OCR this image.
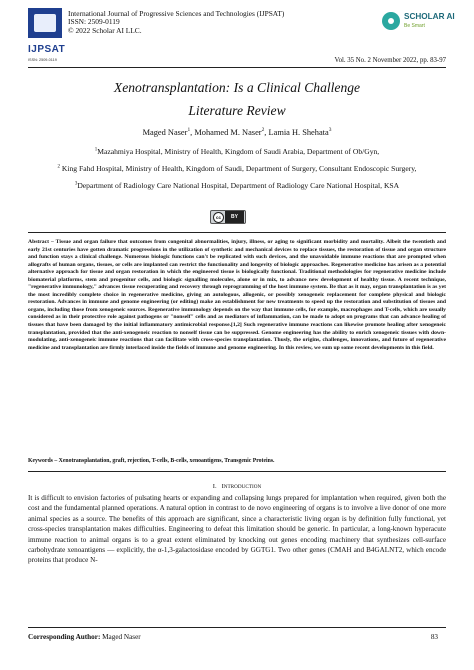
IJPSAT
ISSN: 2509-0119
International Journal of Progressive Sciences and Technologies (IJPSAT)
ISSN: 2509-0119
© 2022 Scholar AI LLC.
SCHOLAR AI
Be Smart
Vol. 35 No. 2 November 2022, pp. 83-97
Xenotransplantation: Is a Clinical Challenge
Literature Review
Maged Naser$^1$, Mohamed M. Naser$^2$, Lamia H. Shehata$^3$
$^1$Mazahmiya Hospital, Ministry of Health, Kingdom of Saudi Arabia, Department of Ob/Gyn,
$^2$ King Fahd Hospital, Ministry of Health, Kingdom of Saudi, Department of Surgery, Consultant Endoscopic Surgery,
$^3$Department of Radiology Care National Hospital, Department of Radiology Care National Hospital, KSA
cc	BY
Abstract – Tissue and organ failure that outcomes from congenital abnormalities, injury, illness, or aging to significant morbidity and mortality. Albeit the twentieth and early 21st centuries have gotten dramatic progressions in the utilization of synthetic and mechanical devices to replace tissues, the restoration of tissue and organ structure and function stays a clinical challenge. Numerous biologic functions can't be replicated with such devices, and the unavoidable immune reactions that are prompted when allografts of human organs, tissues, or cells are implanted can restrict the functionality and longevity of biologic approaches. Regenerative medicine has arisen as a potential alternative approach for tissue and organ restoration in which the engineered tissue is biologically functional. Traditional methodologies for regenerative medicine include biomaterial platforms, stem and progenitor cells, and biologic signalling molecules, alone or in mix, to advance new development of healthy tissue. A recent technique, "regenerative immunology," advances tissue recuperating and recovery through reprogramming of the host immune system. Be that as it may, organ transplantation is as yet the most incredibly complete choice in regenerative medicine, giving an autologous, allogenic, or possibly xenogeneic replacement for complete physical and biologic restoration. Advances in immune and genome engineering (or editing) make an establishment for new treatments to speed up the restoration and substitution of tissues and organs, including those from xenogeneic sources. Regenerative immunology depends on the way that immune cells, for example, macrophages and T-cells, which are usually considered as in their protective role against pathogens or "nonself" cells and as mediators of inflammation, can be made to adopt on programs that can advance healing of tissues that have been damaged by the initial inflammatory antimicrobial response.[1,2] Such regenerative immune reactions can likewise promote healing after xenogeneic transplantation, provided that the anti-xenogeneic reaction to nonself tissue can be suppressed. Genome engineering has the ability to enrich xenogeneic tissues with down-modulating, anti-xenogeneic immune reactions that can facilitate with cross-species transplantation. Thusly, the origins, challenges, innovations, and future of regenerative medicine and transplantation are firmly interlaced inside the fields of immune and genome engineering. In this review, we sum up some recent developments in this field.
Keywords – Xenotransplantation, graft, rejection, T-cells, B-cells, xenoantigens, Transgenic Proteins.
I. INTRODUCTION
It is difficult to envision factories of pulsating hearts or expanding and collapsing lungs prepared for implantation when required, given both the cost and the fundamental planned operations. A natural option in contrast to de novo engineering of organs is to involve a live donor of one more animal species as a source. The benefits of this approach are significant, since a characteristic living organ is by definition fully functional, yet cross-species transplantation makes difficulties. Engineering to defeat this limitation should be generic. In particular, a long-known hyperacute immune reaction to animal organs is to a great extent eliminated by knocking out genes encoding machinery that synthesizes cell-surface carbohydrate xenoantigens — explicitly, the α-1,3-galactosidase encoded by GGTG1. Two other genes (CMAH and B4GALNT2, which encode proteins that produce N-
Corresponding Author: Maged Naser	83
